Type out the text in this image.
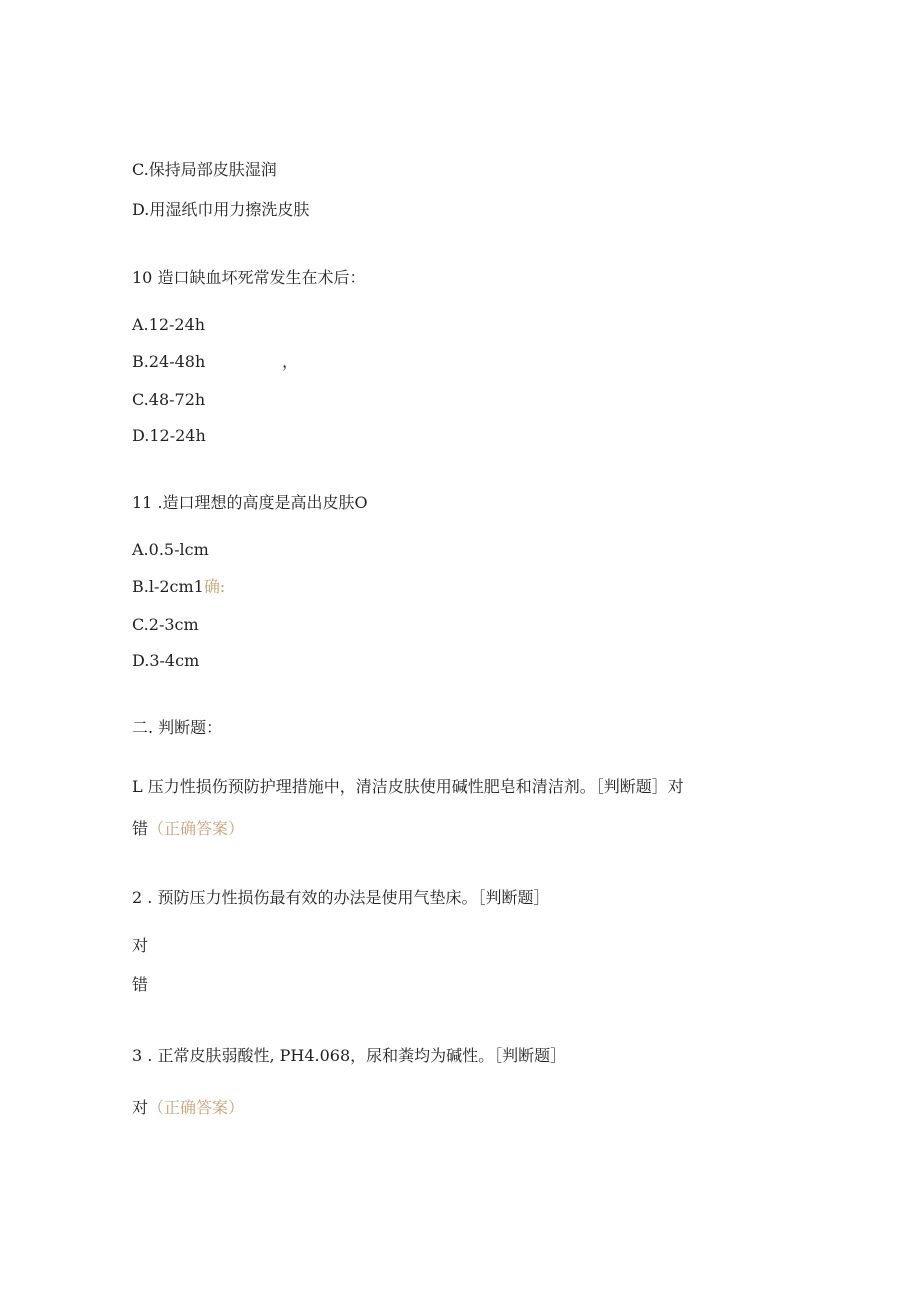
C.保持局部皮肤湿润
D.用湿纸巾用力擦洗皮肤
10 造口缺血坏死常发生在术后：
A.12-24h
B.24-48h	，
C.48-72h
D.12-24h
11 .造口理想的高度是高出皮肤O
A.0.5-lcm
B.l-2cm1确:
C.2-3cm
D.3-4cm
二. 判断题：
L 压力性损伤预防护理措施中，清洁皮肤使用碱性肥皂和清洁剂。［判断题］对
错（正确答案）
2 . 预防压力性损伤最有效的办法是使用气垫床。［判断题］
对
错
3 . 正常皮肤弱酸性, PH4.068，尿和粪均为碱性。［判断题］
对（正确答案）
